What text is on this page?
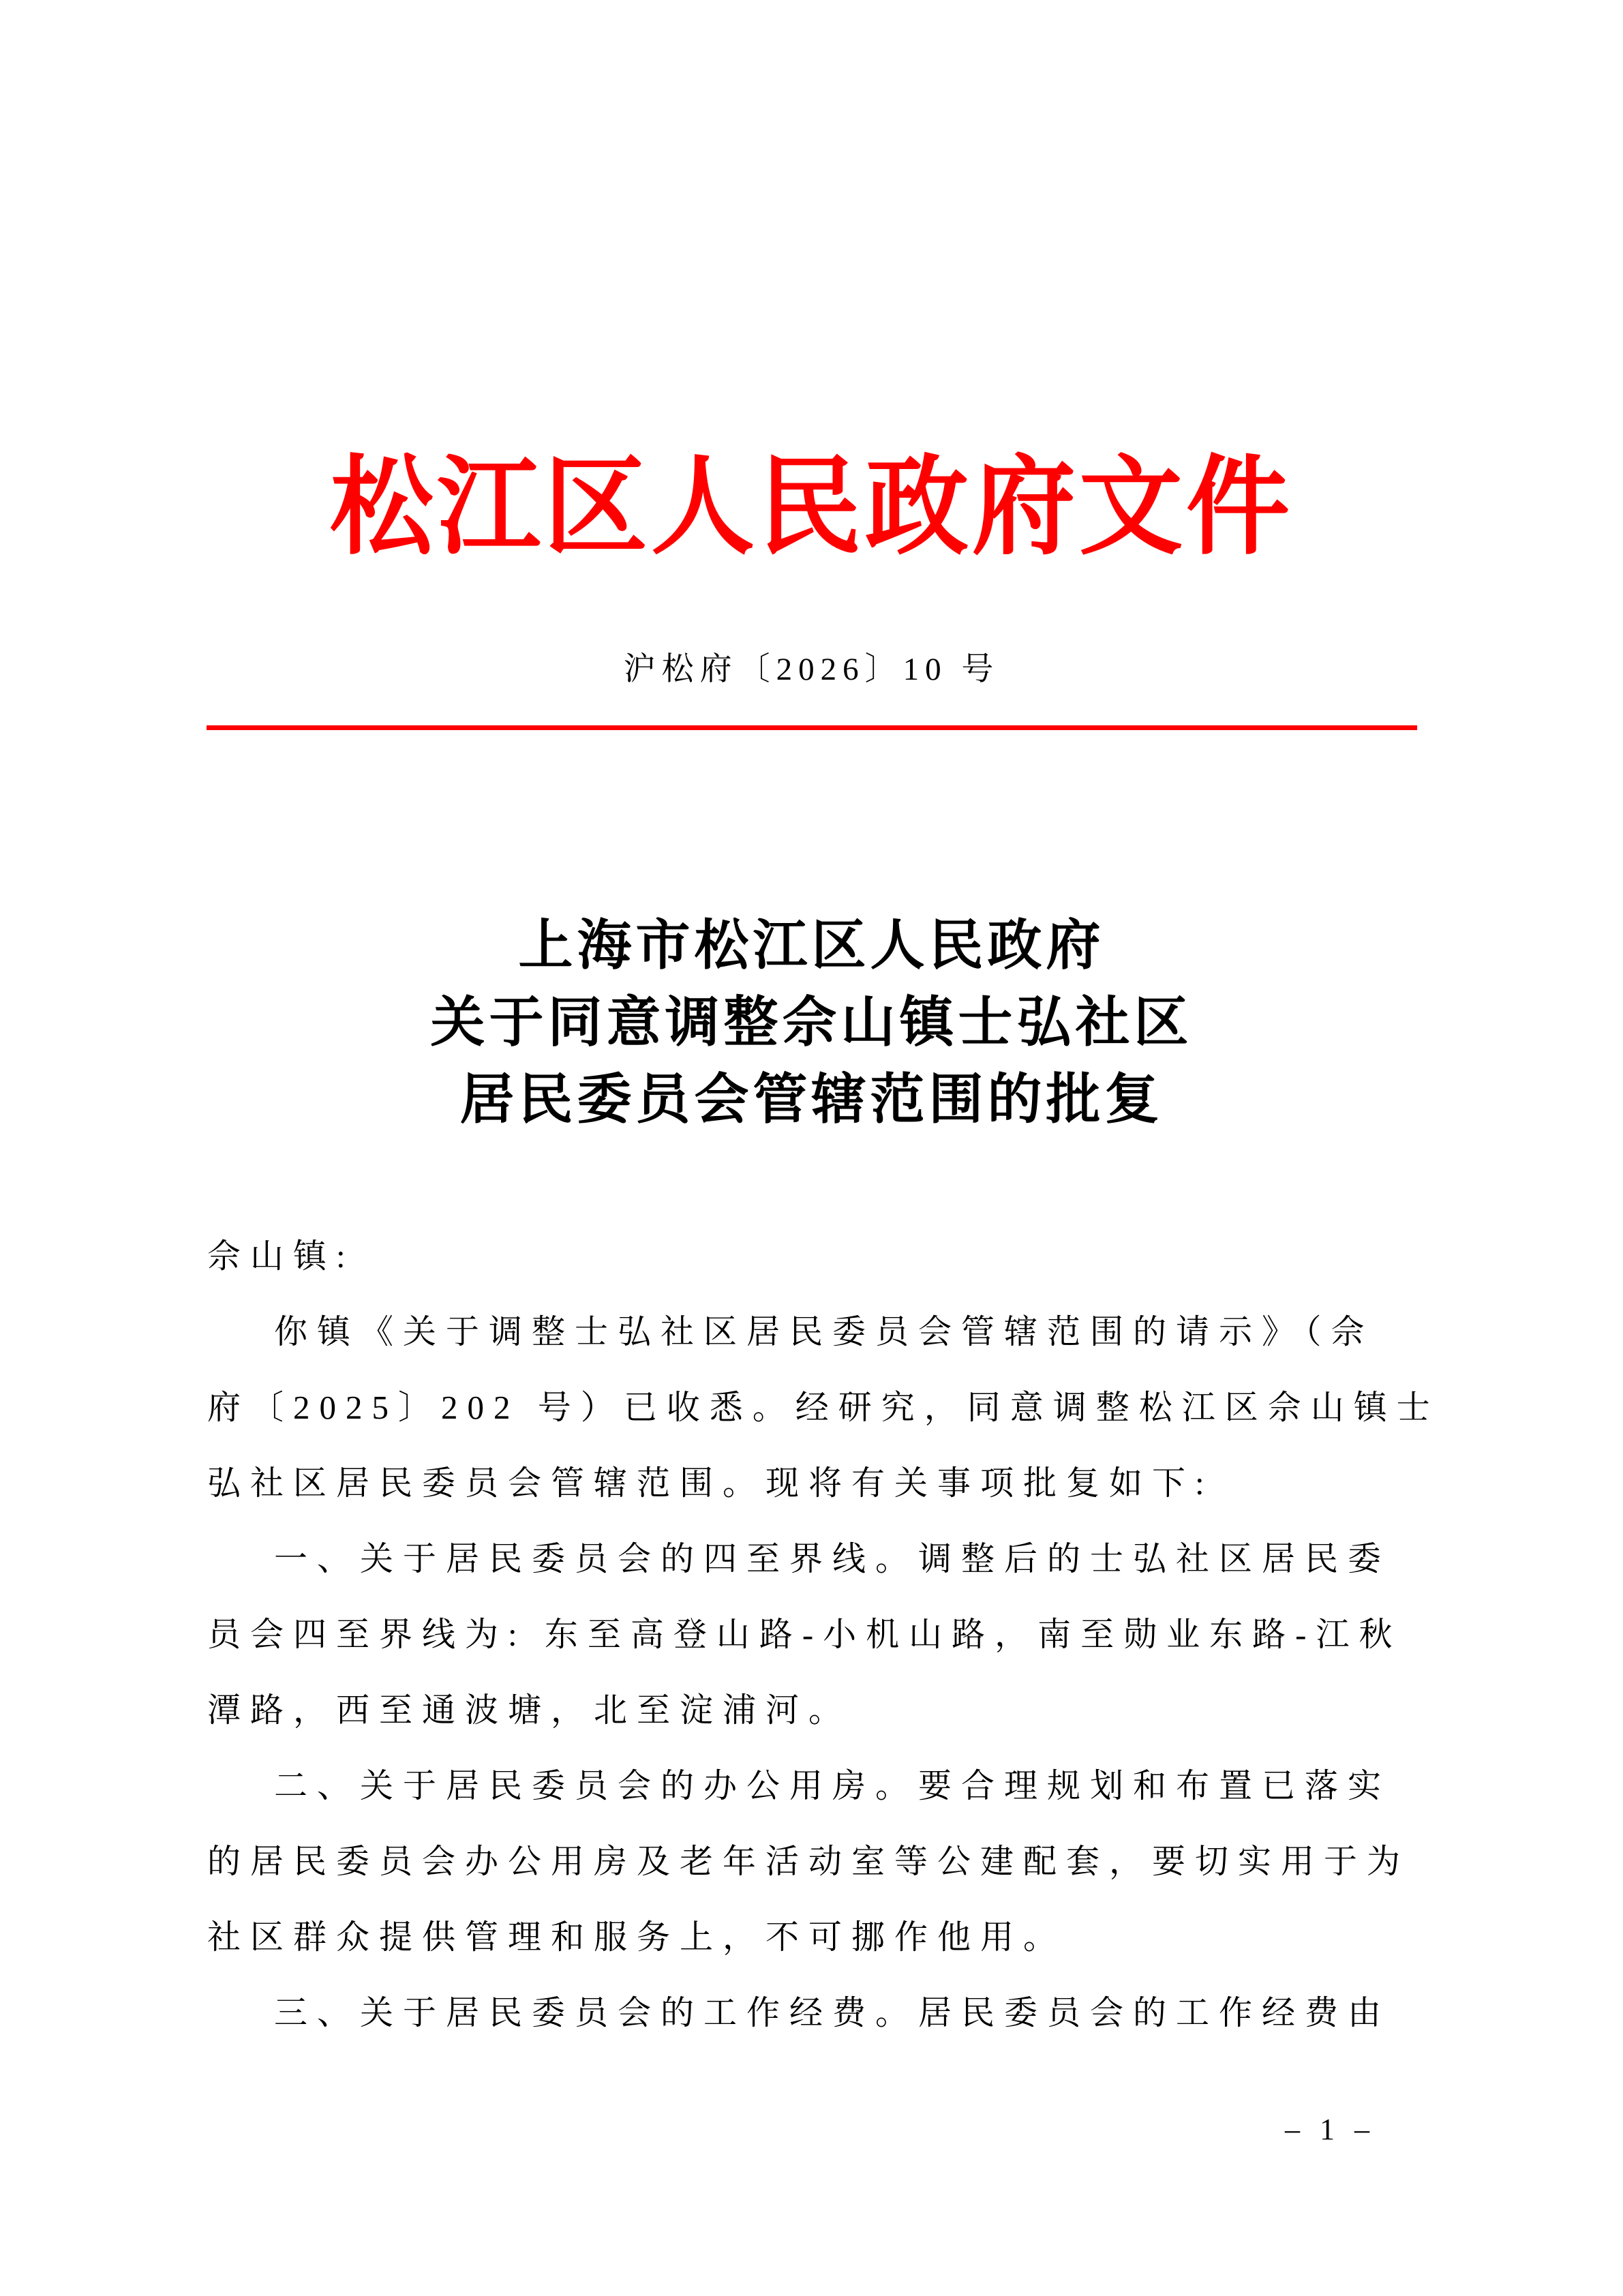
松江区人民政府文件
沪松府〔2026〕10 号
上海市松江区人民政府
关于同意调整佘山镇士弘社区
居民委员会管辖范围的批复
佘山镇:
你镇《关于调整士弘社区居民委员会管辖范围的请示》（佘
府〔2025〕202 号）已收悉。经研究，同意调整松江区佘山镇士
弘社区居民委员会管辖范围。现将有关事项批复如下:
一、关于居民委员会的四至界线。调整后的士弘社区居民委
员会四至界线为: 东至高登山路-小机山路，南至勋业东路-江秋
潭路，西至通波塘，北至淀浦河。
二、关于居民委员会的办公用房。要合理规划和布置已落实
的居民委员会办公用房及老年活动室等公建配套，要切实用于为
社区群众提供管理和服务上，不可挪作他用。
三、关于居民委员会的工作经费。居民委员会的工作经费由
– 1 –
